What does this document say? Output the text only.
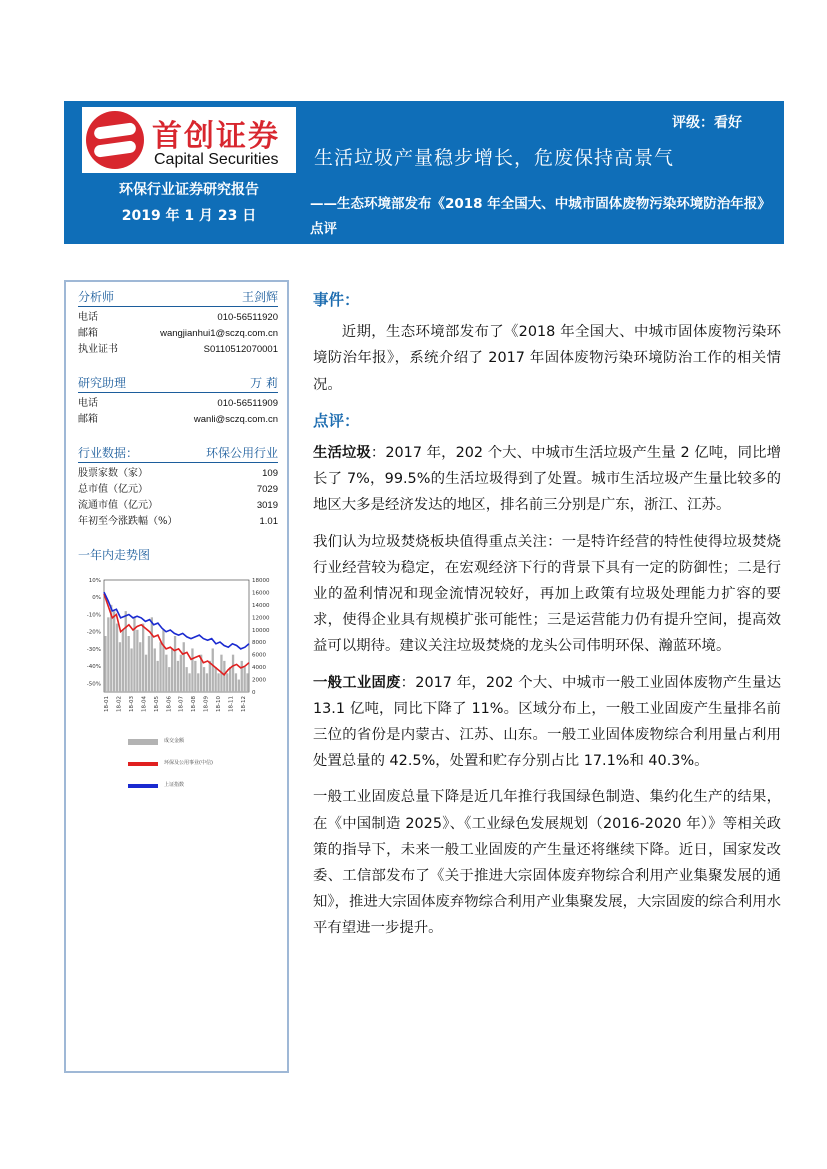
首创证券
Capital Securities
评级：看好
生活垃圾产量稳步增长，危废保持高景气
环保行业证券研究报告
2019 年 1 月 23 日
——生态环境部发布《2018 年全国大、中城市固体废物污染环境防治年报》点评
分析师	王剑辉
电话	010-56511920
邮箱	wangjianhui1@sczq.com.cn
执业证书	S0110512070001
研究助理	万 莉
电话	010-56511909
邮箱	wanli@sczq.com.cn
行业数据：	环保公用行业
股票家数（家）	109
总市值（亿元）	7029
流通市值（亿元）	3019
年初至今涨跌幅（%）	1.01
一年内走势图
10%
0%
-10%
-20%
-30%
-40%
-50%
18000
16000
14000
12000
10000
8000
6000
4000
2000
0
18-01 18-02 18-03 18-04 18-05 18-06 18-07 18-08 18-09 18-10 18-11 18-12
成交金额
环保及公用事业(中信)
上证指数
事件：
近期，生态环境部发布了《2018 年全国大、中城市固体废物污染环境防治年报》，系统介绍了 2017 年固体废物污染环境防治工作的相关情况。
点评：
生活垃圾：2017 年，202 个大、中城市生活垃圾产生量 2 亿吨，同比增长了 7%，99.5%的生活垃圾得到了处置。城市生活垃圾产生量比较多的地区大多是经济发达的地区，排名前三分别是广东，浙江、江苏。
我们认为垃圾焚烧板块值得重点关注：一是特许经营的特性使得垃圾焚烧行业经营较为稳定，在宏观经济下行的背景下具有一定的防御性；二是行业的盈利情况和现金流情况较好，再加上政策有垃圾处理能力扩容的要求，使得企业具有规模扩张可能性；三是运营能力仍有提升空间，提高效益可以期待。建议关注垃圾焚烧的龙头公司伟明环保、瀚蓝环境。
一般工业固废：2017 年，202 个大、中城市一般工业固体废物产生量达 13.1 亿吨，同比下降了 11%。区域分布上，一般工业固废产生量排名前三位的省份是内蒙古、江苏、山东。一般工业固体废物综合利用量占利用处置总量的 42.5%，处置和贮存分别占比 17.1%和 40.3%。
一般工业固废总量下降是近几年推行我国绿色制造、集约化生产的结果，在《中国制造 2025》、《工业绿色发展规划（2016-2020 年）》等相关政策的指导下，未来一般工业固废的产生量还将继续下降。近日，国家发改委、工信部发布了《关于推进大宗固体废弃物综合利用产业集聚发展的通知》，推进大宗固体废弃物综合利用产业集聚发展，大宗固废的综合利用水平有望进一步提升。
